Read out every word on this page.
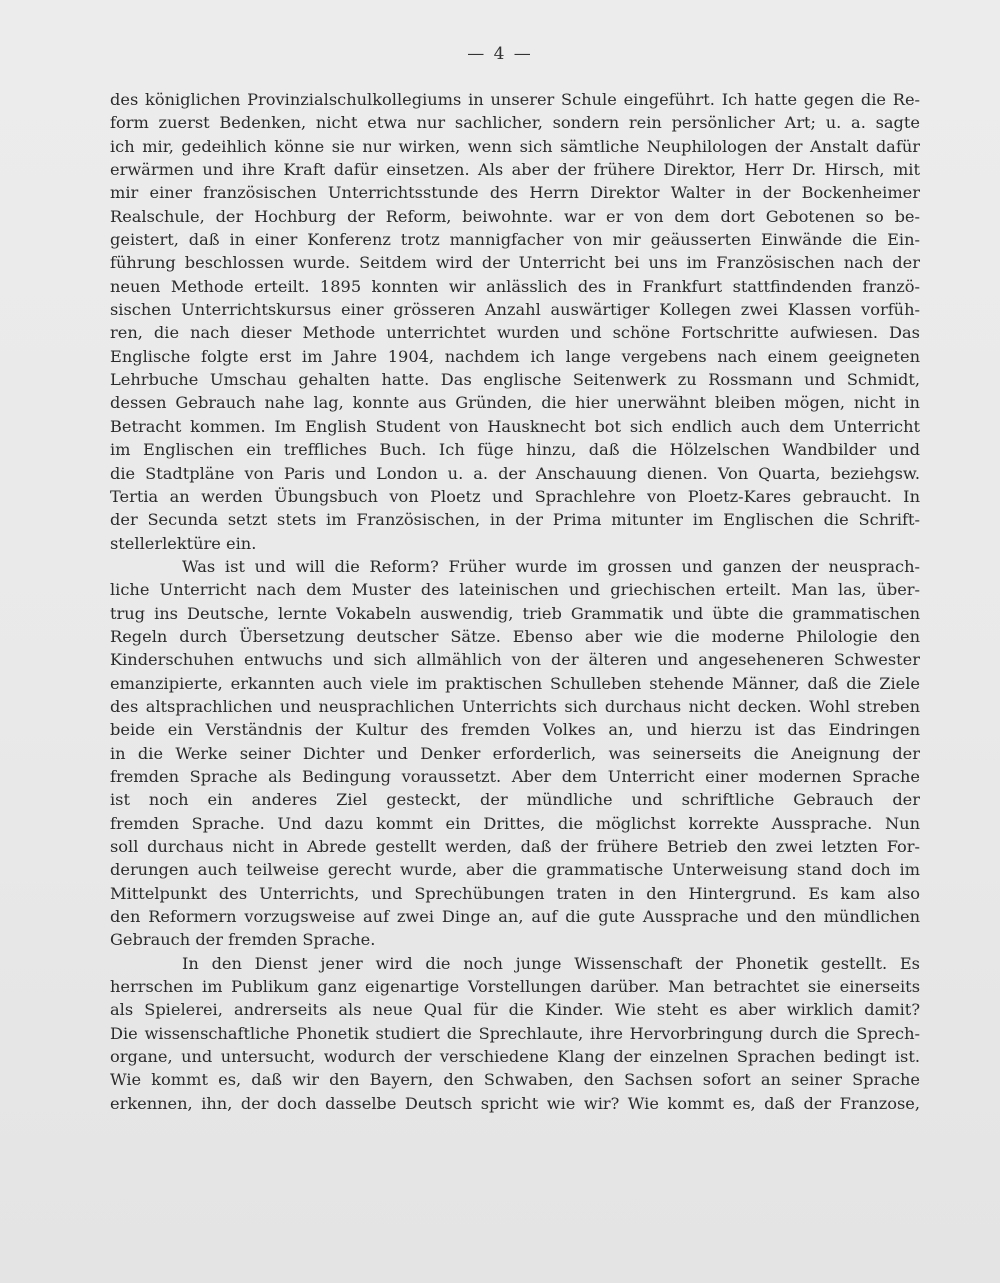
— 4 —
des königlichen Provinzialschulkollegiums in unserer Schule eingeführt. Ich hatte gegen die Re-
form zuerst Bedenken, nicht etwa nur sachlicher, sondern rein persönlicher Art; u. a. sagte
ich mir, gedeihlich könne sie nur wirken, wenn sich sämtliche Neuphilologen der Anstalt dafür
erwärmen und ihre Kraft dafür einsetzen. Als aber der frühere Direktor, Herr Dr. Hirsch, mit
mir einer französischen Unterrichtsstunde des Herrn Direktor Walter in der Bockenheimer
Realschule, der Hochburg der Reform, beiwohnte. war er von dem dort Gebotenen so be-
geistert, daß in einer Konferenz trotz mannigfacher von mir geäusserten Einwände die Ein-
führung beschlossen wurde. Seitdem wird der Unterricht bei uns im Französischen nach der
neuen Methode erteilt. 1895 konnten wir anlässlich des in Frankfurt stattfindenden franzö-
sischen Unterrichtskursus einer grösseren Anzahl auswärtiger Kollegen zwei Klassen vorfüh-
ren, die nach dieser Methode unterrichtet wurden und schöne Fortschritte aufwiesen. Das
Englische folgte erst im Jahre 1904, nachdem ich lange vergebens nach einem geeigneten
Lehrbuche Umschau gehalten hatte. Das englische Seitenwerk zu Rossmann und Schmidt,
dessen Gebrauch nahe lag, konnte aus Gründen, die hier unerwähnt bleiben mögen, nicht in
Betracht kommen. Im English Student von Hausknecht bot sich endlich auch dem Unterricht
im Englischen ein treffliches Buch. Ich füge hinzu, daß die Hölzelschen Wandbilder und
die Stadtpläne von Paris und London u. a. der Anschauung dienen. Von Quarta, beziehgsw.
Tertia an werden Übungsbuch von Ploetz und Sprachlehre von Ploetz-Kares gebraucht. In
der Secunda setzt stets im Französischen, in der Prima mitunter im Englischen die Schrift-
stellerlektüre ein.
Was ist und will die Reform? Früher wurde im grossen und ganzen der neusprach-
liche Unterricht nach dem Muster des lateinischen und griechischen erteilt. Man las, über-
trug ins Deutsche, lernte Vokabeln auswendig, trieb Grammatik und übte die grammatischen
Regeln durch Übersetzung deutscher Sätze. Ebenso aber wie die moderne Philologie den
Kinderschuhen entwuchs und sich allmählich von der älteren und angeseheneren Schwester
emanzipierte, erkannten auch viele im praktischen Schulleben stehende Männer, daß die Ziele
des altsprachlichen und neusprachlichen Unterrichts sich durchaus nicht decken. Wohl streben
beide ein Verständnis der Kultur des fremden Volkes an, und hierzu ist das Eindringen
in die Werke seiner Dichter und Denker erforderlich, was seinerseits die Aneignung der
fremden Sprache als Bedingung voraussetzt. Aber dem Unterricht einer modernen Sprache
ist noch ein anderes Ziel gesteckt, der mündliche und schriftliche Gebrauch der
fremden Sprache. Und dazu kommt ein Drittes, die möglichst korrekte Aussprache. Nun
soll durchaus nicht in Abrede gestellt werden, daß der frühere Betrieb den zwei letzten For-
derungen auch teilweise gerecht wurde, aber die grammatische Unterweisung stand doch im
Mittelpunkt des Unterrichts, und Sprechübungen traten in den Hintergrund. Es kam also
den Reformern vorzugsweise auf zwei Dinge an, auf die gute Aussprache und den mündlichen
Gebrauch der fremden Sprache.
In den Dienst jener wird die noch junge Wissenschaft der Phonetik gestellt. Es
herrschen im Publikum ganz eigenartige Vorstellungen darüber. Man betrachtet sie einerseits
als Spielerei, andrerseits als neue Qual für die Kinder. Wie steht es aber wirklich damit?
Die wissenschaftliche Phonetik studiert die Sprechlaute, ihre Hervorbringung durch die Sprech-
organe, und untersucht, wodurch der verschiedene Klang der einzelnen Sprachen bedingt ist.
Wie kommt es, daß wir den Bayern, den Schwaben, den Sachsen sofort an seiner Sprache
erkennen, ihn, der doch dasselbe Deutsch spricht wie wir? Wie kommt es, daß der Franzose,
